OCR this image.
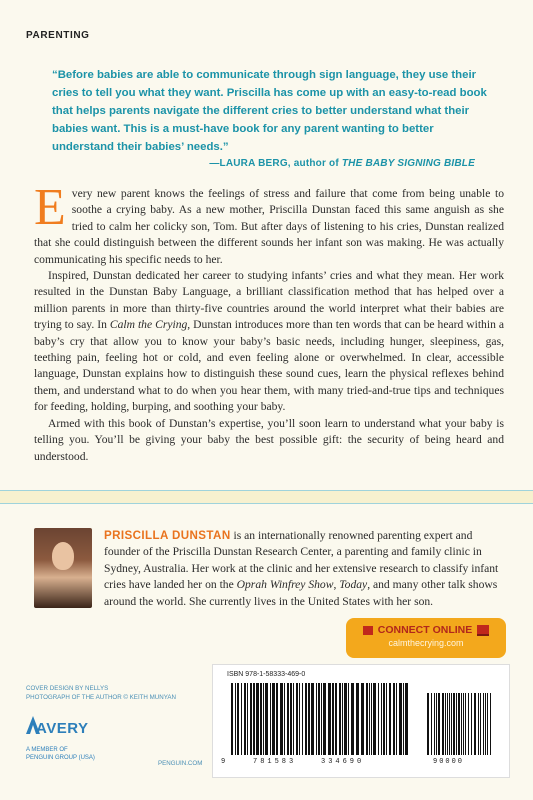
PARENTING
“Before babies are able to communicate through sign language, they use their cries to tell you what they want. Priscilla has come up with an easy-to-read book that helps parents navigate the different cries to better understand what their babies want. This is a must-have book for any parent wanting to better understand their babies’ needs.”
—LAURA BERG, author of THE BABY SIGNING BIBLE

Every new parent knows the feelings of stress and failure that come from being unable to soothe a crying baby. As a new mother, Priscilla Dunstan faced this same anguish as she tried to calm her colicky son, Tom. But after days of listening to his cries, Dunstan realized that she could distinguish between the different sounds her infant son was making. He was actually communicating his specific needs to her.

Inspired, Dunstan dedicated her career to studying infants’ cries and what they mean. Her work resulted in the Dunstan Baby Language, a brilliant classification method that has helped over a million parents in more than thirty-five countries around the world interpret what their babies are trying to say. In Calm the Crying, Dunstan introduces more than ten words that can be heard within a baby’s cry that allow you to know your baby’s basic needs, including hunger, sleepiness, gas, teething pain, feeling hot or cold, and even feeling alone or overwhelmed. In clear, accessible language, Dunstan explains how to distinguish these sound cues, learn the physical reflexes behind them, and understand what to do when you hear them, with many tried-and-true tips and techniques for feeding, holding, burping, and soothing your baby.

Armed with this book of Dunstan’s expertise, you’ll soon learn to understand what your baby is telling you. You’ll be giving your baby the best possible gift: the security of being heard and understood.

PRISCILLA DUNSTAN is an internationally renowned parenting expert and founder of the Priscilla Dunstan Research Center, a parenting and family clinic in Sydney, Australia. Her work at the clinic and her extensive research to classify infant cries have landed her on the Oprah Winfrey Show, Today, and many other talk shows around the world. She currently lives in the United States with her son.
CONNECT ONLINE
calmthecrying.com
COVER DESIGN BY NELLYS
PHOTOGRAPH OF THE AUTHOR © KEITH MUNYAN
AVERY
A MEMBER OF
PENGUIN GROUP (USA)
PENGUIN.COM
ISBN 978-1-58333-469-0
9	781583	334690	90000
